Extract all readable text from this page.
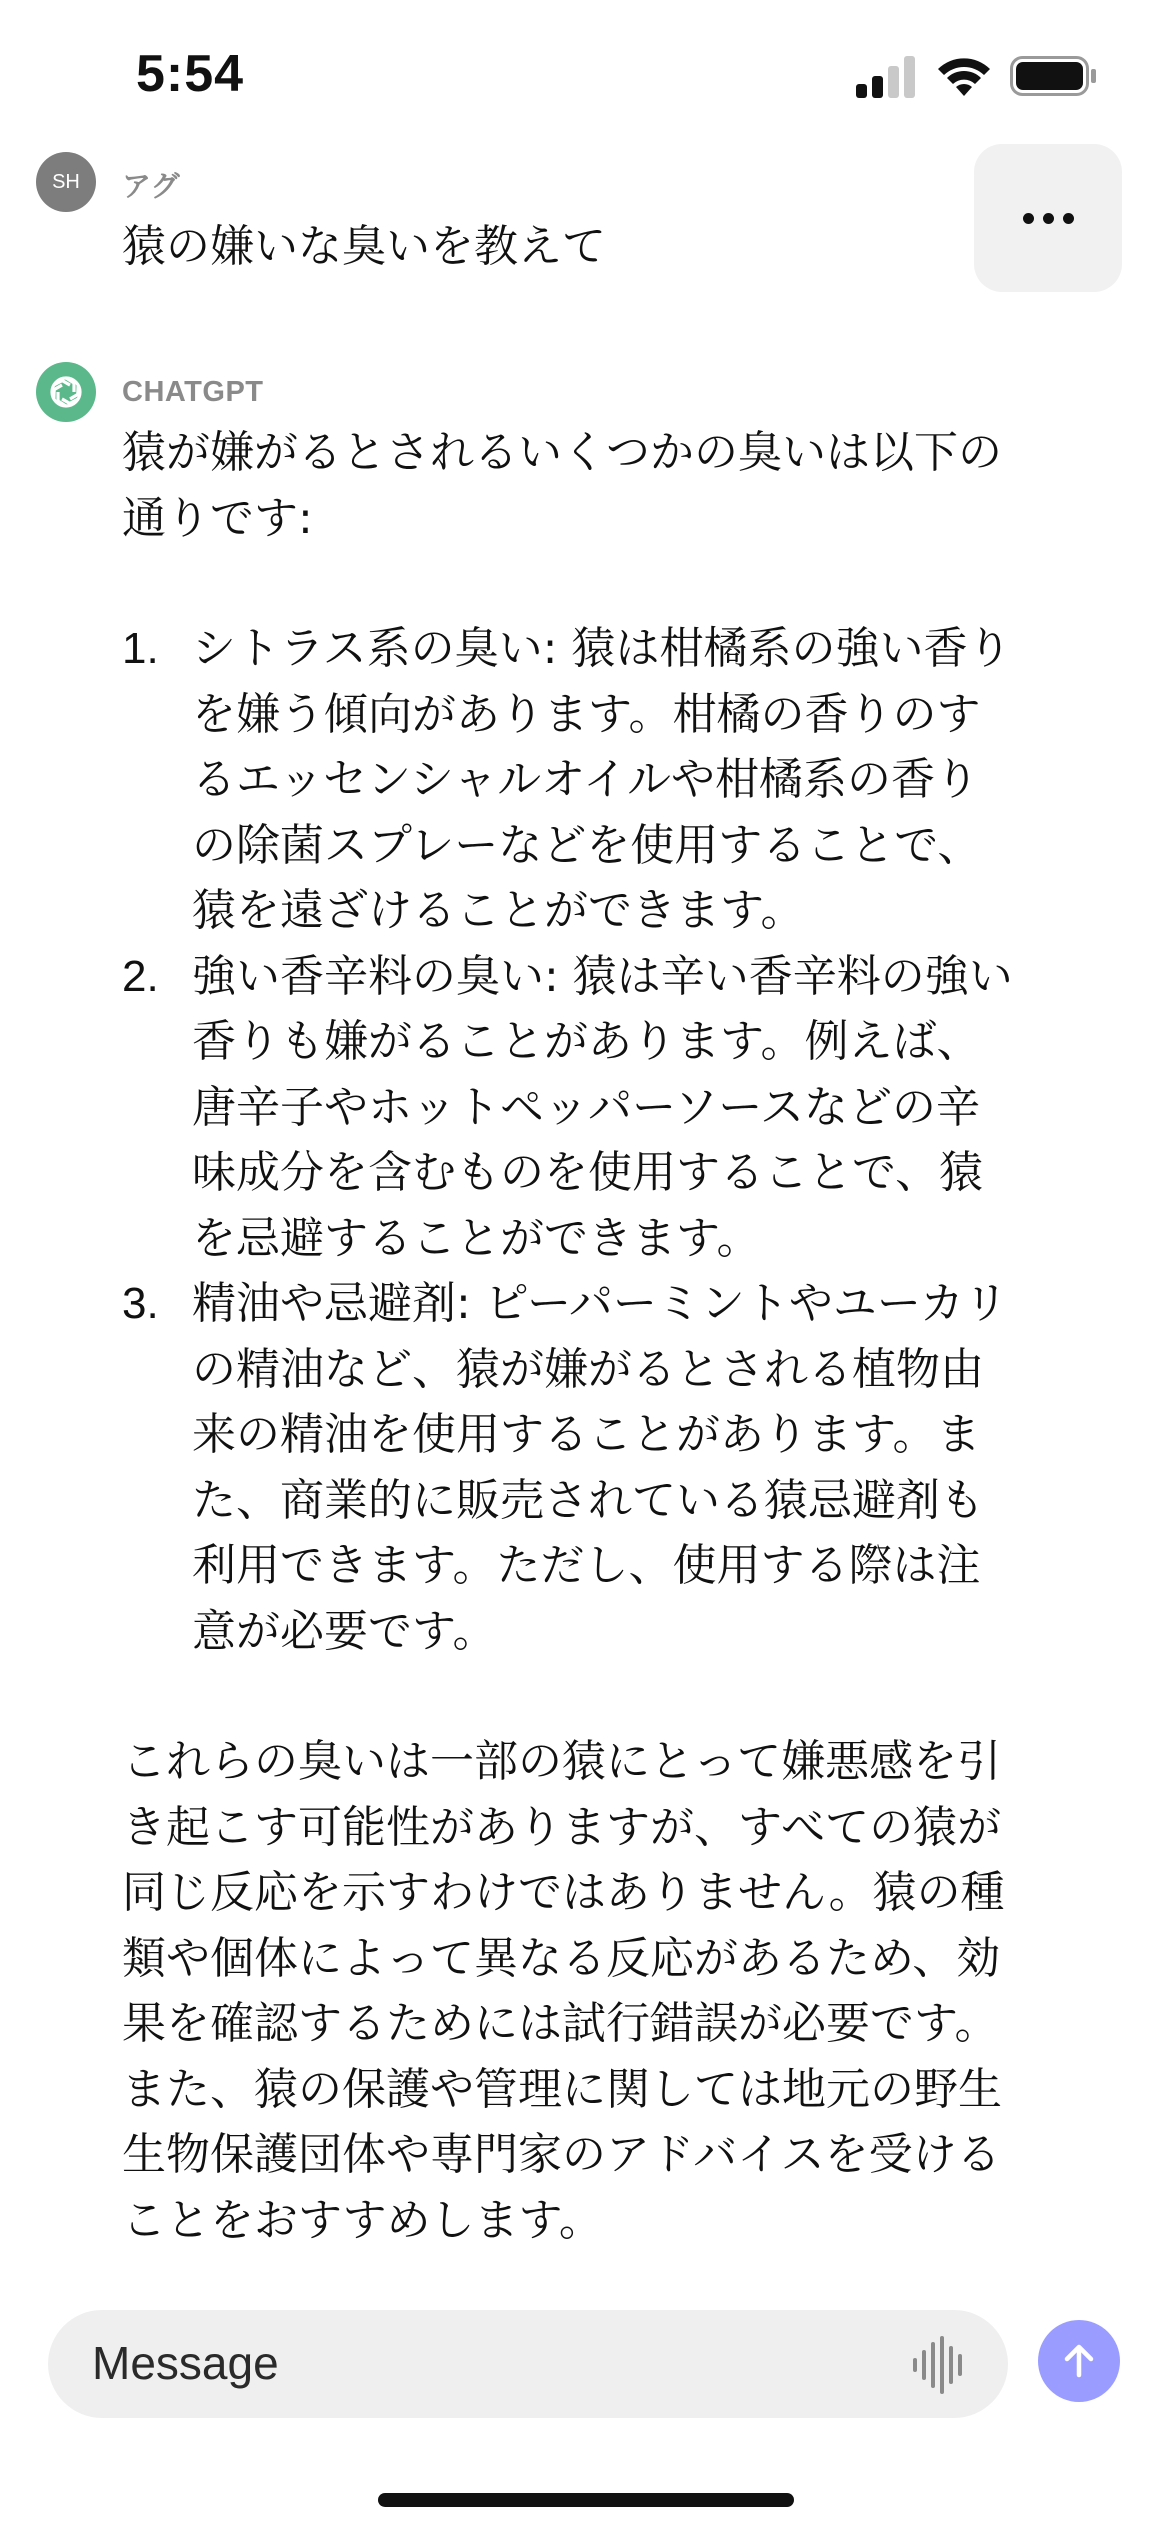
5:54
SH	アグ
猿の嫌いな臭いを教えて
CHATGPT

猿が嫌がるとされるいくつかの臭いは以下の

通りです:

1. シトラス系の臭い: 猿は柑橘系の強い香り
を嫌う傾向があります。柑橘の香りのす
るエッセンシャルオイルや柑橘系の香り
の除菌スプレーなどを使用することで、
猿を遠ざけることができます。
2. 強い香辛料の臭い: 猿は辛い香辛料の強い
香りも嫌がることがあります。例えば、
唐辛子やホットペッパーソースなどの辛
味成分を含むものを使用することで、猿
を忌避することができます。
3. 精油や忌避剤: ピーパーミントやユーカリ
の精油など、猿が嫌がるとされる植物由
来の精油を使用することがあります。ま
た、商業的に販売されている猿忌避剤も
利用できます。ただし、使用する際は注
意が必要です。
これらの臭いは一部の猿にとって嫌悪感を引
き起こす可能性がありますが、すべての猿が
同じ反応を示すわけではありません。猿の種
類や個体によって異なる反応があるため、効
果を確認するためには試行錯誤が必要です。
また、猿の保護や管理に関しては地元の野生
生物保護団体や専門家のアドバイスを受ける
ことをおすすめします。
Message
